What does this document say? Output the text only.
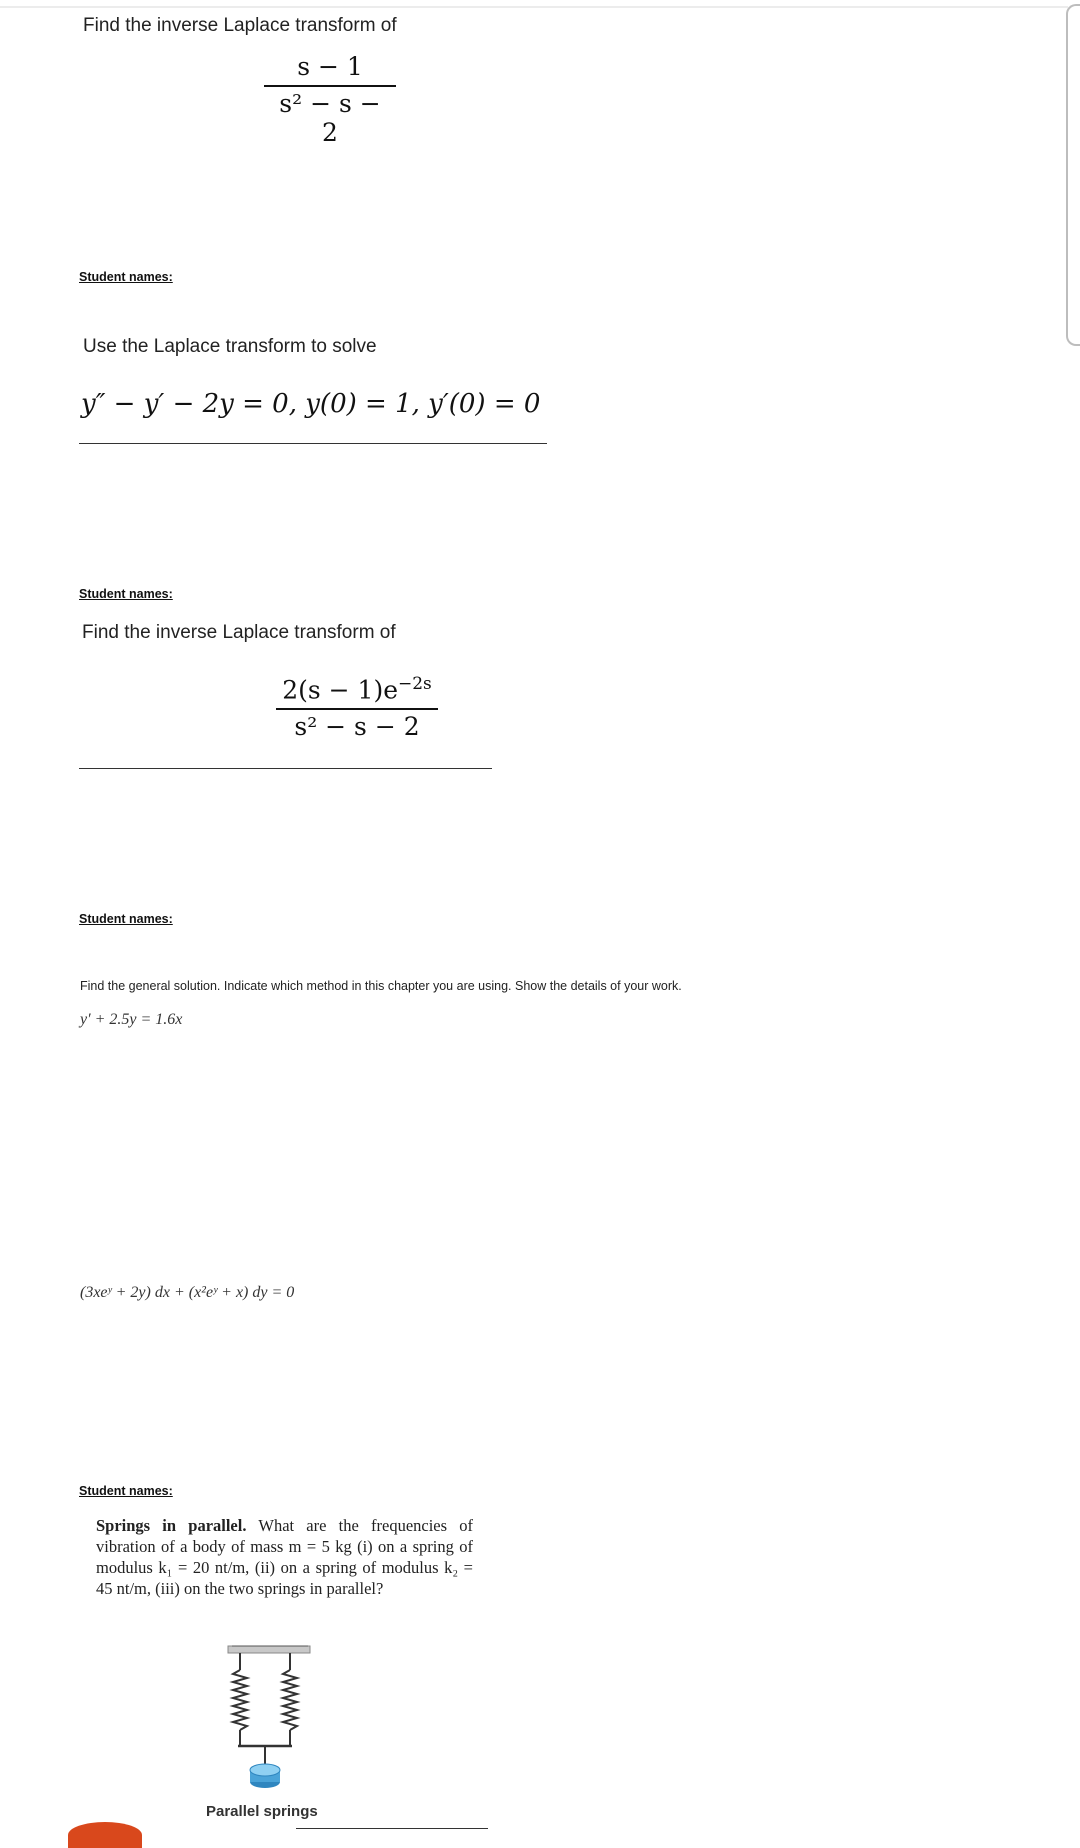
Find the inverse Laplace transform of
s − 1
s² − s − 2
Student names:
Use the Laplace transform to solve
y″ − y′ − 2y = 0, y(0) = 1, y′(0) = 0
Student names:
Find the inverse Laplace transform of
$2(s - 1)e^{-2s}$
s² − s − 2
Student names:
Find the general solution. Indicate which method in this chapter you are using. Show the details of your work.
y′ + 2.5y = 1.6x
(3xeʸ + 2y) dx + (x²eʸ + x) dy = 0
Student names:
Springs in parallel. What are the frequencies of vibration of a body of mass m = 5 kg (i) on a spring of modulus k₁ = 20 nt/m, (ii) on a spring of modulus k₂ = 45 nt/m, (iii) on the two springs in parallel?
Parallel springs
